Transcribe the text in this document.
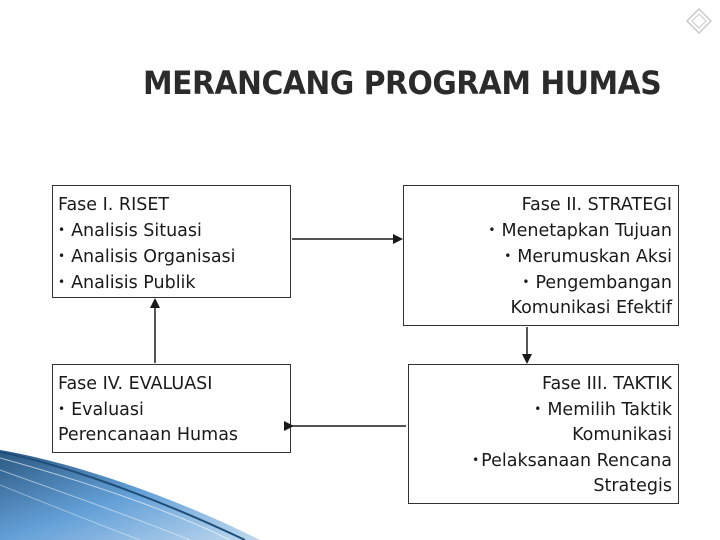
MERANCANG PROGRAM HUMAS
Fase I. RISET
• Analisis Situasi
• Analisis Organisasi
• Analisis Publik
Fase II. STRATEGI
• Menetapkan Tujuan
• Merumuskan Aksi
• Pengembangan
Komunikasi Efektif
Fase IV. EVALUASI
• Evaluasi
Perencanaan Humas
Fase III. TAKTIK
• Memilih Taktik
Komunikasi
• Pelaksanaan Rencana
Strategis
